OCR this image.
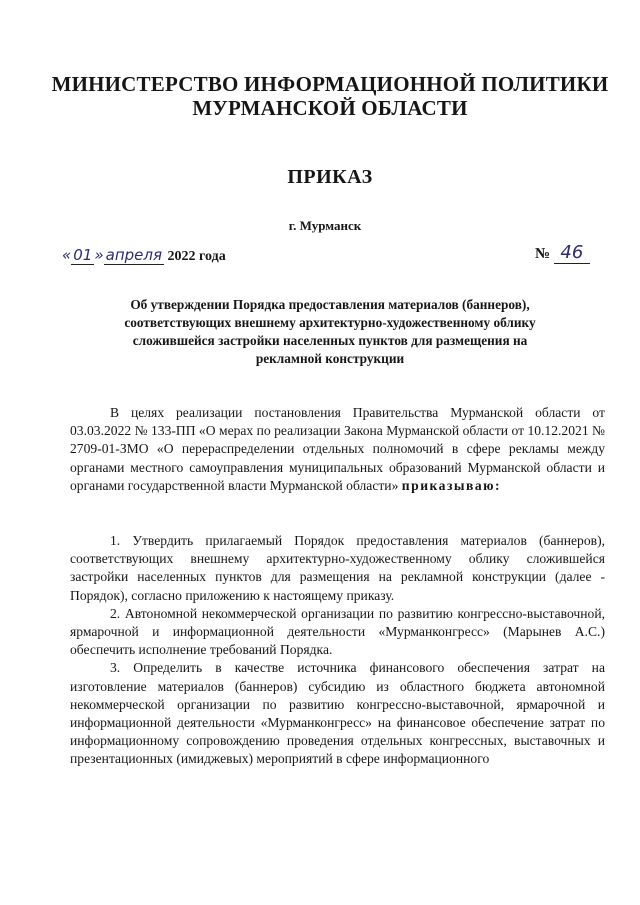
МИНИСТЕРСТВО ИНФОРМАЦИОННОЙ ПОЛИТИКИ
МУРМАНСКОЙ ОБЛАСТИ
ПРИКАЗ
г. Мурманск
« 01 » апреля 2022 года	№ 46
Об утверждении Порядка предоставления материалов (баннеров),
соответствующих внешнему архитектурно-художественному облику
сложившейся застройки населенных пунктов для размещения на
рекламной конструкции

В целях реализации постановления Правительства Мурманской области от 03.03.2022 № 133-ПП «О мерах по реализации Закона Мурманской области от 10.12.2021 № 2709-01-ЗМО «О перераспределении отдельных полномочий в сфере рекламы между органами местного самоуправления муниципальных образований Мурманской области и органами государственной власти Мурманской области» приказываю:

1. Утвердить прилагаемый Порядок предоставления материалов (баннеров), соответствующих внешнему архитектурно-художественному облику сложившейся застройки населенных пунктов для размещения на рекламной конструкции (далее - Порядок), согласно приложению к настоящему приказу.

2. Автономной некоммерческой организации по развитию конгрессно-выставочной, ярмарочной и информационной деятельности «Мурманконгресс» (Марынев А.С.) обеспечить исполнение требований Порядка.

3. Определить в качестве источника финансового обеспечения затрат на изготовление материалов (баннеров) субсидию из областного бюджета автономной некоммерческой организации по развитию конгрессно-выставочной, ярмарочной и информационной деятельности «Мурманконгресс» на финансовое обеспечение затрат по информационному сопровождению проведения отдельных конгрессных, выставочных и презентационных (имиджевых) мероприятий в сфере информационного
